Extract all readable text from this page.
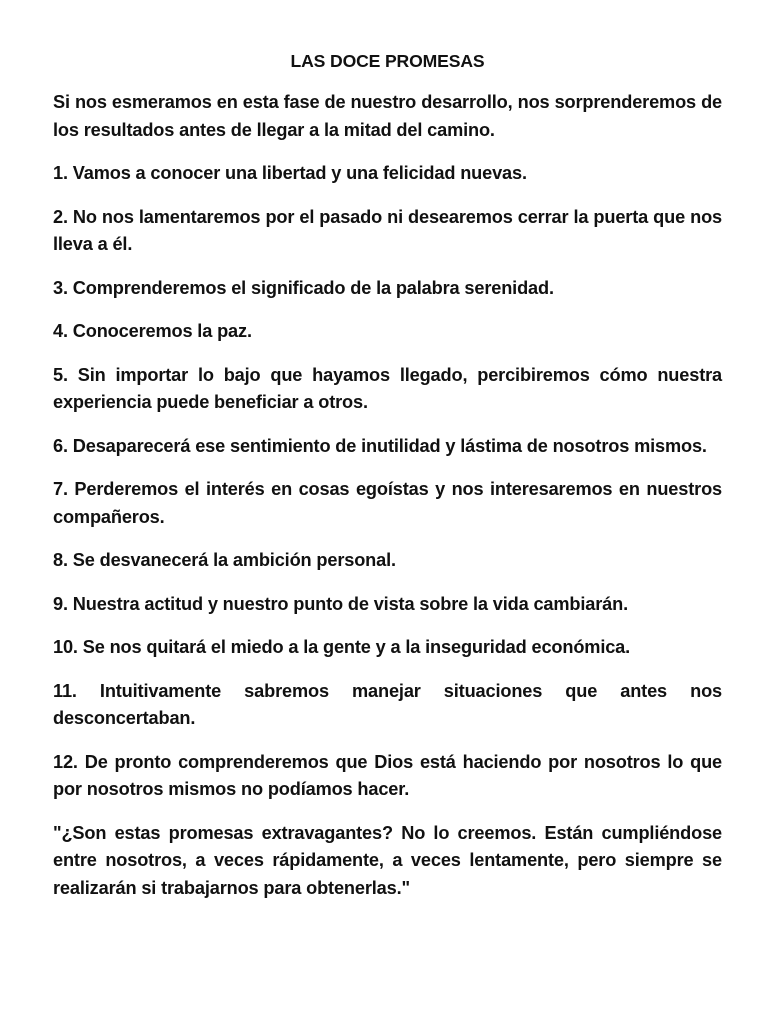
LAS DOCE PROMESAS

Si nos esmeramos en esta fase de nuestro desarrollo, nos sorprenderemos de los resultados antes de llegar a la mitad del camino.

1. Vamos a conocer una libertad y una felicidad nuevas.

2. No nos lamentaremos por el pasado ni desearemos cerrar la puerta que nos lleva a él.

3. Comprenderemos el significado de la palabra serenidad.

4. Conoceremos la paz.

5. Sin importar lo bajo que hayamos llegado, percibiremos cómo nuestra experiencia puede beneficiar a otros.

6. Desaparecerá ese sentimiento de inutilidad y lástima de nosotros mismos.

7. Perderemos el interés en cosas egoístas y nos interesaremos en nuestros compañeros.

8. Se desvanecerá la ambición personal.

9. Nuestra actitud y nuestro punto de vista sobre la vida cambiarán.

10. Se nos quitará el miedo a la gente y a la inseguridad económica.

11. Intuitivamente sabremos manejar situaciones que antes nos desconcertaban.

12. De pronto comprenderemos que Dios está haciendo por nosotros lo que por nosotros mismos no podíamos hacer.

"¿Son estas promesas extravagantes? No lo creemos. Están cumpliéndose entre nosotros, a veces rápidamente, a veces lentamente, pero siempre se realizarán si trabajarnos para obtenerlas."
